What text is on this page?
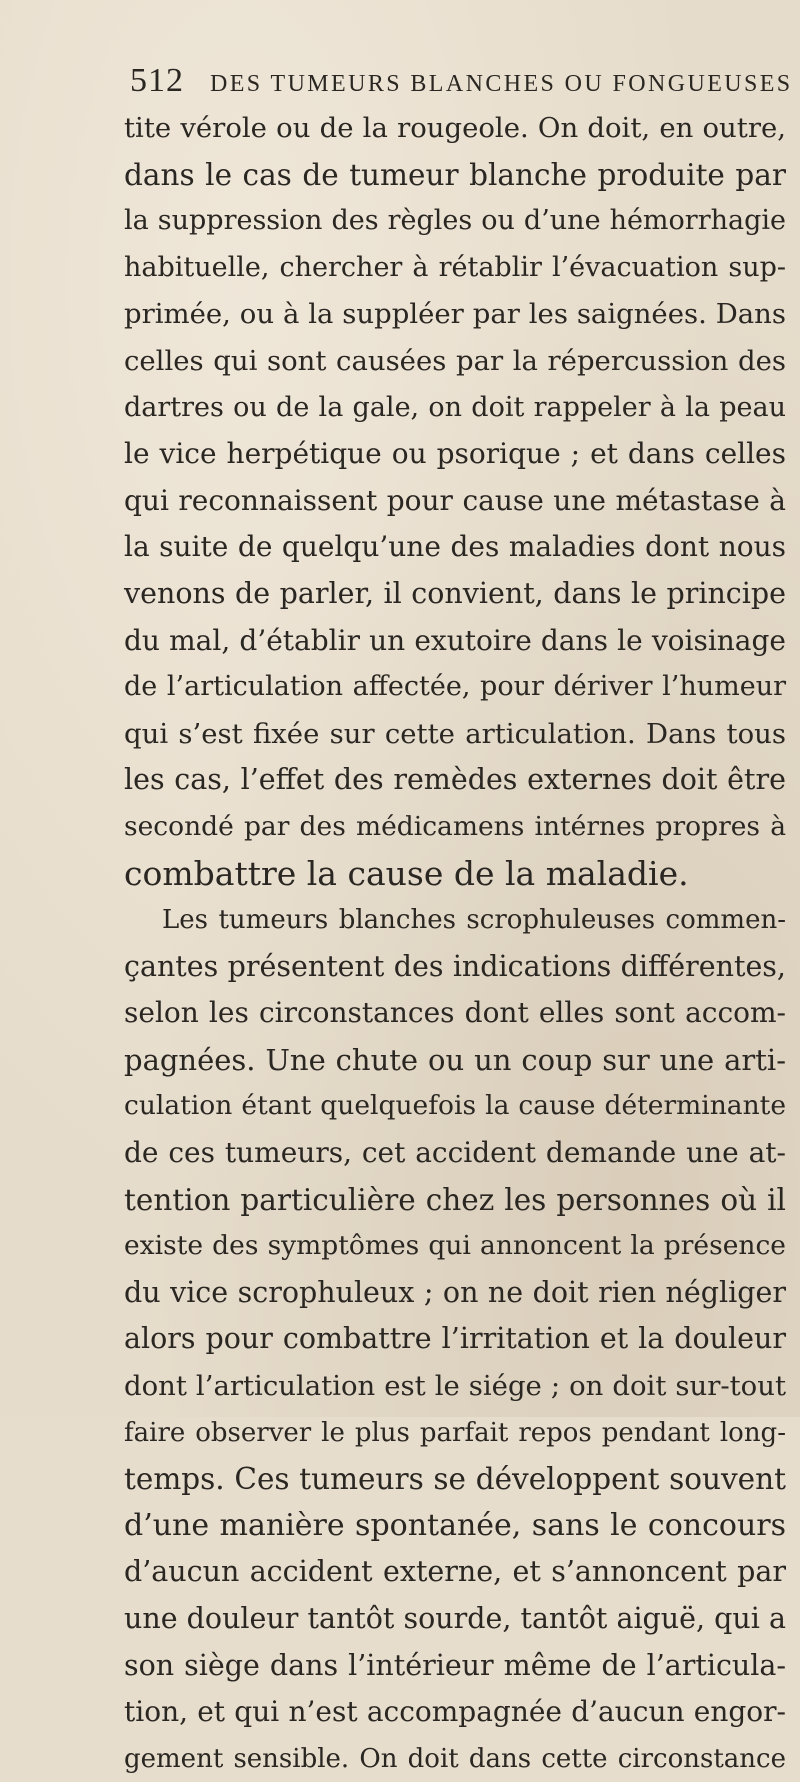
512 DES TUMEURS BLANCHES OU FONGUEUSES
tite vérole ou de la rougeole. On doit, en outre,
dans le cas de tumeur blanche produite par
la suppression des règles ou d’une hémorrhagie
habituelle, chercher à rétablir l’évacuation sup-
primée, ou à la suppléer par les saignées. Dans
celles qui sont causées par la répercussion des
dartres ou de la gale, on doit rappeler à la peau
le vice herpétique ou psorique ; et dans celles
qui reconnaissent pour cause une métastase à
la suite de quelqu’une des maladies dont nous
venons de parler, il convient, dans le principe
du mal, d’établir un exutoire dans le voisinage
de l’articulation affectée, pour dériver l’humeur
qui s’est fixée sur cette articulation. Dans tous
les cas, l’effet des remèdes externes doit être
secondé par des médicamens intérnes propres à
combattre la cause de la maladie.
Les tumeurs blanches scrophuleuses commen-
çantes présentent des indications différentes,
selon les circonstances dont elles sont accom-
pagnées. Une chute ou un coup sur une arti-
culation étant quelquefois la cause déterminante
de ces tumeurs, cet accident demande une at-
tention particulière chez les personnes où il
existe des symptômes qui annoncent la présence
du vice scrophuleux ; on ne doit rien négliger
alors pour combattre l’irritation et la douleur
dont l’articulation est le siége ; on doit sur-tout
faire observer le plus parfait repos pendant long-
temps. Ces tumeurs se développent souvent
d’une manière spontanée, sans le concours
d’aucun accident externe, et s’annoncent par
une douleur tantôt sourde, tantôt aiguë, qui a
son siège dans l’intérieur même de l’articula-
tion, et qui n’est accompagnée d’aucun engor-
gement sensible. On doit dans cette circonstance
